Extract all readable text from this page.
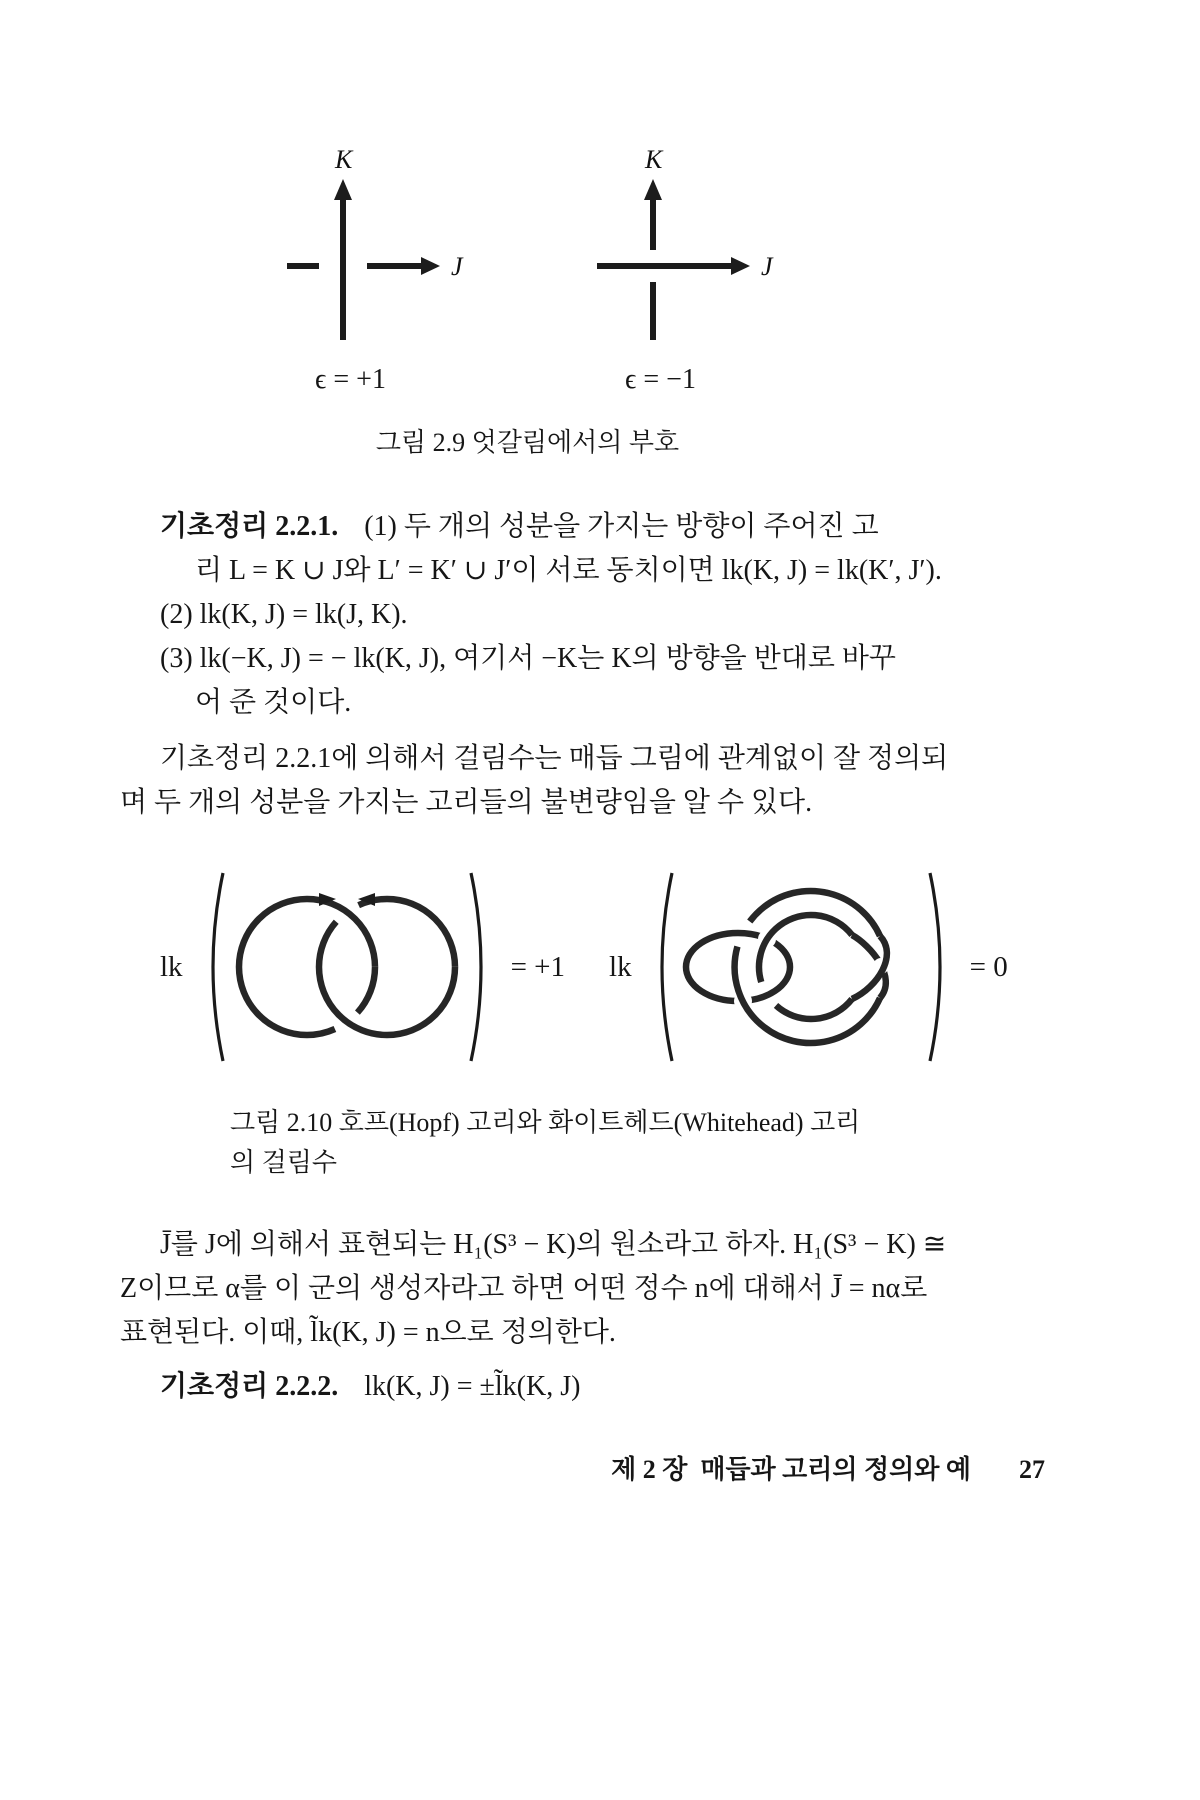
K
J
ϵ = +1
K
J
ϵ = −1
그림 2.9 엇갈림에서의 부호
기초정리 2.2.1. (1) 두 개의 성분을 가지는 방향이 주어진 고
리 L = K ∪ J와 L′ = K′ ∪ J′이 서로 동치이면 lk(K, J) = lk(K′, J′).
(2) lk(K, J) = lk(J, K).
(3) lk(−K, J) = − lk(K, J), 여기서 −K는 K의 방향을 반대로 바꾸
어 준 것이다.
기초정리 2.2.1에 의해서 걸림수는 매듭 그림에 관계없이 잘 정의되
며 두 개의 성분을 가지는 고리들의 불변량임을 알 수 있다.
lk	= +1 lk	= 0
그림 2.10 호프(Hopf) 고리와 화이트헤드(Whitehead) 고리
의 걸림수
J̄를 J에 의해서 표현되는 H₁(S³ − K)의 원소라고 하자. H₁(S³ − K) ≅
Z이므로 α를 이 군의 생성자라고 하면 어떤 정수 n에 대해서 J̄ = nα로
표현된다. 이때, l̃k(K, J) = n으로 정의한다.
기초정리 2.2.2. lk(K, J) = ±l̃k(K, J)
제 2 장  매듭과 고리의 정의와 예 27
